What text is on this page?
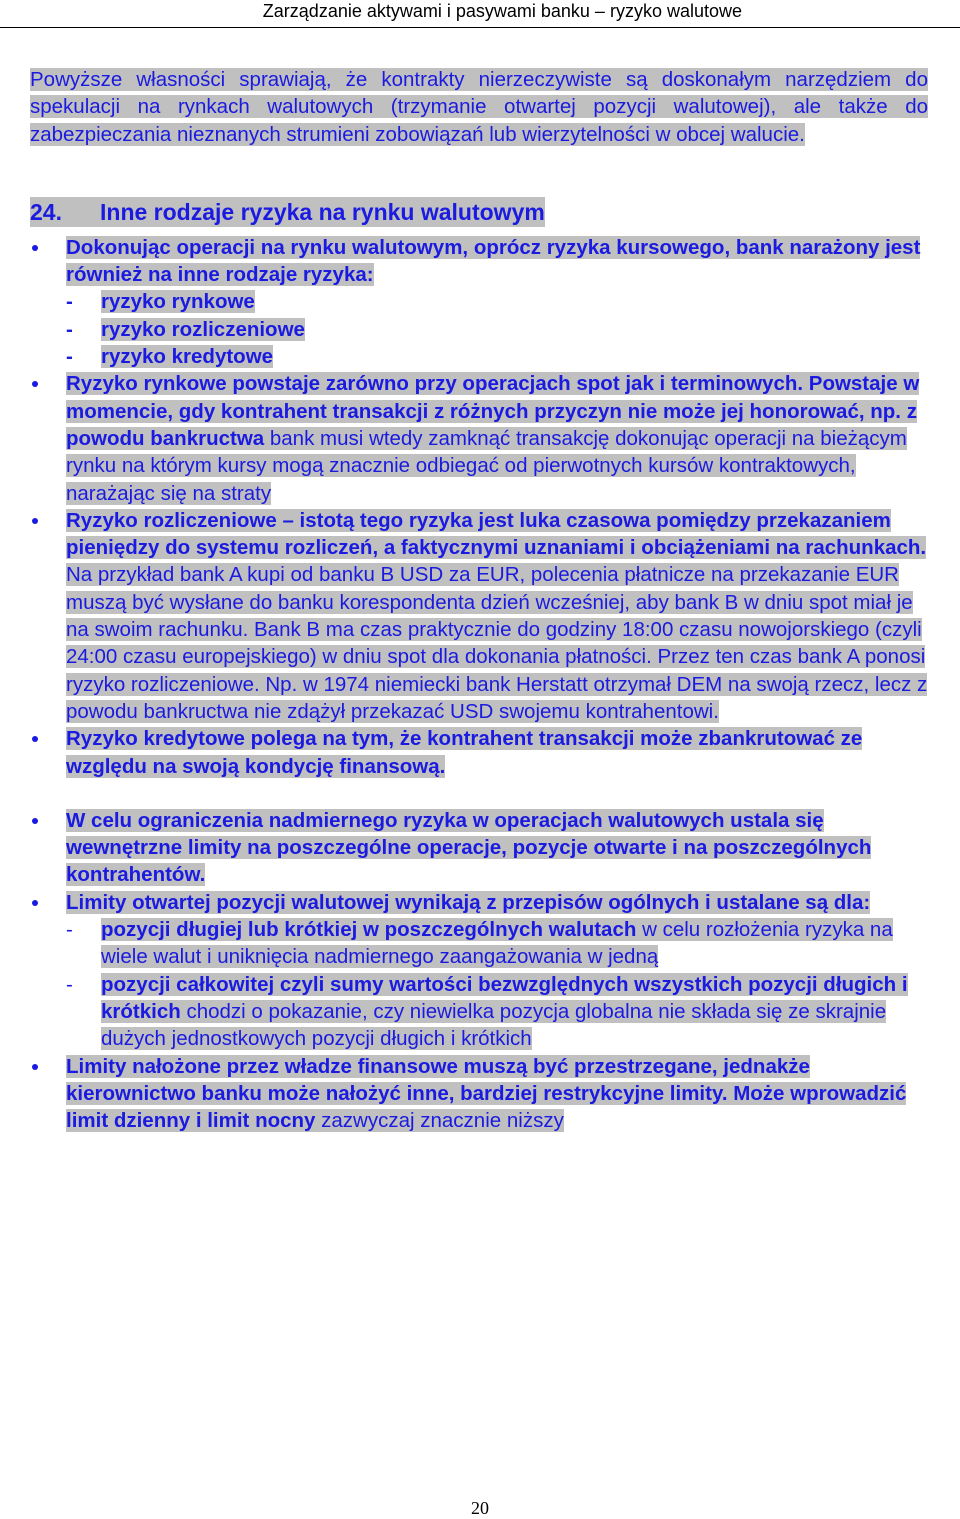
Zarządzanie aktywami i pasywami banku – ryzyko walutowe

Powyższe własności sprawiają, że kontrakty nierzeczywiste są doskonałym narzędziem do spekulacji na rynkach walutowych (trzymanie otwartej pozycji walutowej), ale także do zabezpieczania nieznanych strumieni zobowiązań lub wierzytelności w obcej walucie.

24. Inne rodzaje ryzyka na rynku walutowym
Dokonując operacji na rynku walutowym, oprócz ryzyka kursowego, bank narażony jest również na inne rodzaje ryzyka:
- ryzyko rynkowe
- ryzyko rozliczeniowe
- ryzyko kredytowe
Ryzyko rynkowe powstaje zarówno przy operacjach spot jak i terminowych. Powstaje w momencie, gdy kontrahent transakcji z różnych przyczyn nie może jej honorować, np. z powodu bankructwa bank musi wtedy zamknąć transakcję dokonując operacji na bieżącym rynku na którym kursy mogą znacznie odbiegać od pierwotnych kursów kontraktowych, narażając się na straty
Ryzyko rozliczeniowe – istotą tego ryzyka jest luka czasowa pomiędzy przekazaniem pieniędzy do systemu rozliczeń, a faktycznymi uznaniami i obciążeniami na rachunkach. Na przykład bank A kupi od banku B USD za EUR, polecenia płatnicze na przekazanie EUR muszą być wysłane do banku korespondenta dzień wcześniej, aby bank B w dniu spot miał je na swoim rachunku. Bank B ma czas praktycznie do godziny 18:00 czasu nowojorskiego (czyli 24:00 czasu europejskiego) w dniu spot dla dokonania płatności. Przez ten czas bank A ponosi ryzyko rozliczeniowe. Np. w 1974 niemiecki bank Herstatt otrzymał DEM na swoją rzecz, lecz z powodu bankructwa nie zdążył przekazać USD swojemu kontrahentowi.
Ryzyko kredytowe polega na tym, że kontrahent transakcji może zbankrutować ze względu na swoją kondycję finansową.
W celu ograniczenia nadmiernego ryzyka w operacjach walutowych ustala się wewnętrzne limity na poszczególne operacje, pozycje otwarte i na poszczególnych kontrahentów.
Limity otwartej pozycji walutowej wynikają z przepisów ogólnych i ustalane są dla:
- pozycji długiej lub krótkiej w poszczególnych walutach w celu rozłożenia ryzyka na wiele walut i uniknięcia nadmiernego zaangażowania w jedną
- pozycji całkowitej czyli sumy wartości bezwzględnych wszystkich pozycji długich i krótkich chodzi o pokazanie, czy niewielka pozycja globalna nie składa się ze skrajnie dużych jednostkowych pozycji długich i krótkich
Limity nałożone przez władze finansowe muszą być przestrzegane, jednakże kierownictwo banku może nałożyć inne, bardziej restrykcyjne limity. Może wprowadzić limit dzienny i limit nocny zazwyczaj znacznie niższy
20
